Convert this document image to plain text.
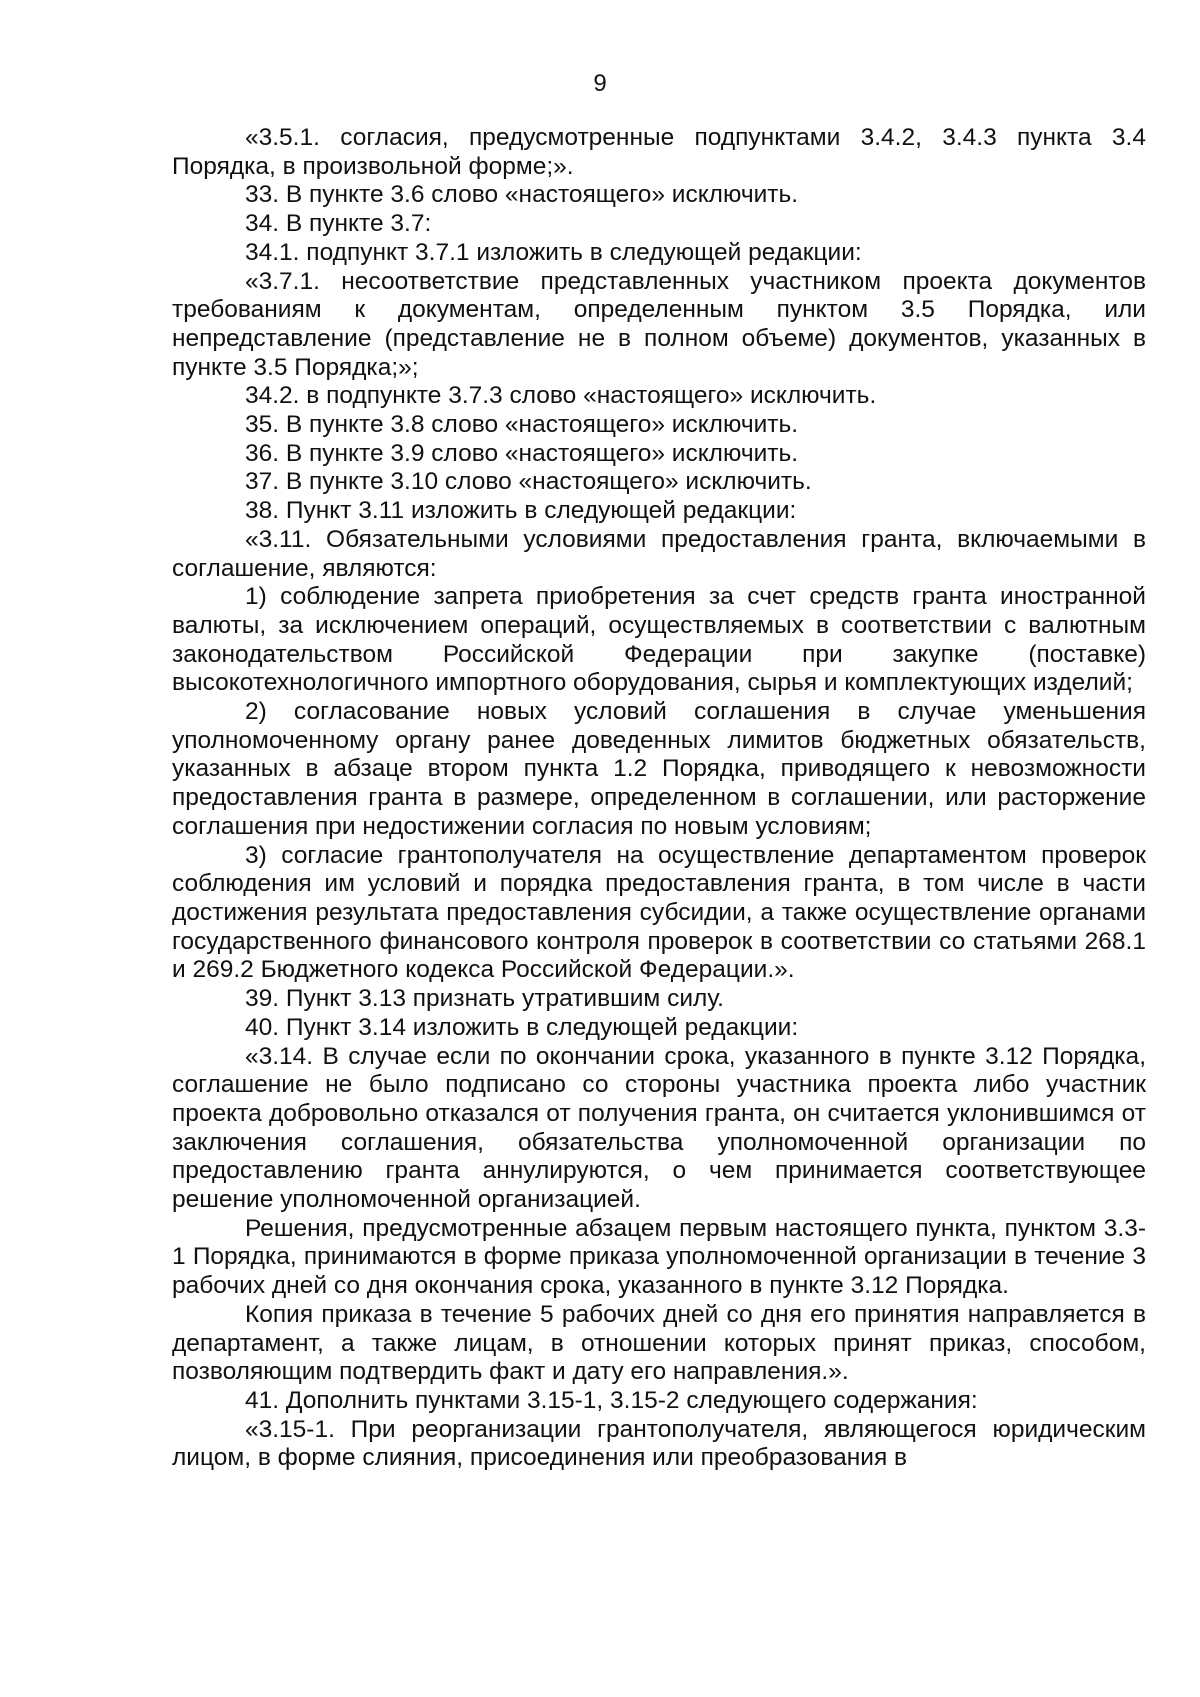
9

«3.5.1. согласия, предусмотренные подпунктами 3.4.2, 3.4.3 пункта 3.4 Порядка, в произвольной форме;».

33. В пункте 3.6 слово «настоящего» исключить.

34. В пункте 3.7:

34.1. подпункт 3.7.1 изложить в следующей редакции:

«3.7.1. несоответствие представленных участником проекта документов требованиям к документам, определенным пунктом 3.5 Порядка, или непредставление (представление не в полном объеме) документов, указанных в пункте 3.5 Порядка;»;

34.2. в подпункте 3.7.3 слово «настоящего» исключить.

35. В пункте 3.8 слово «настоящего» исключить.

36. В пункте 3.9 слово «настоящего» исключить.

37. В пункте 3.10 слово «настоящего» исключить.

38. Пункт 3.11 изложить в следующей редакции:

«3.11. Обязательными условиями предоставления гранта, включаемыми в соглашение, являются:

1) соблюдение запрета приобретения за счет средств гранта иностранной валюты, за исключением операций, осуществляемых в соответствии с валютным законодательством Российской Федерации при закупке (поставке) высокотехнологичного импортного оборудования, сырья и комплектующих изделий;

2) согласование новых условий соглашения в случае уменьшения уполномоченному органу ранее доведенных лимитов бюджетных обязательств, указанных в абзаце втором пункта 1.2 Порядка, приводящего к невозможности предоставления гранта в размере, определенном в соглашении, или расторжение соглашения при недостижении согласия по новым условиям;

3) согласие грантополучателя на осуществление департаментом проверок соблюдения им условий и порядка предоставления гранта, в том числе в части достижения результата предоставления субсидии, а также осуществление органами государственного финансового контроля проверок в соответствии со статьями 268.1 и 269.2 Бюджетного кодекса Российской Федерации.».

39. Пункт 3.13 признать утратившим силу.

40. Пункт 3.14 изложить в следующей редакции:

«3.14. В случае если по окончании срока, указанного в пункте 3.12 Порядка, соглашение не было подписано со стороны участника проекта либо участник проекта добровольно отказался от получения гранта, он считается уклонившимся от заключения соглашения, обязательства уполномоченной организации по предоставлению гранта аннулируются, о чем принимается соответствующее решение уполномоченной организацией.

Решения, предусмотренные абзацем первым настоящего пункта, пунктом 3.3-1 Порядка, принимаются в форме приказа уполномоченной организации в течение 3 рабочих дней со дня окончания срока, указанного в пункте 3.12 Порядка.

Копия приказа в течение 5 рабочих дней со дня его принятия направляется в департамент, а также лицам, в отношении которых принят приказ, способом, позволяющим подтвердить факт и дату его направления.».

41. Дополнить пунктами 3.15-1, 3.15-2 следующего содержания:

«3.15-1. При реорганизации грантополучателя, являющегося юридическим лицом, в форме слияния, присоединения или преобразования в
